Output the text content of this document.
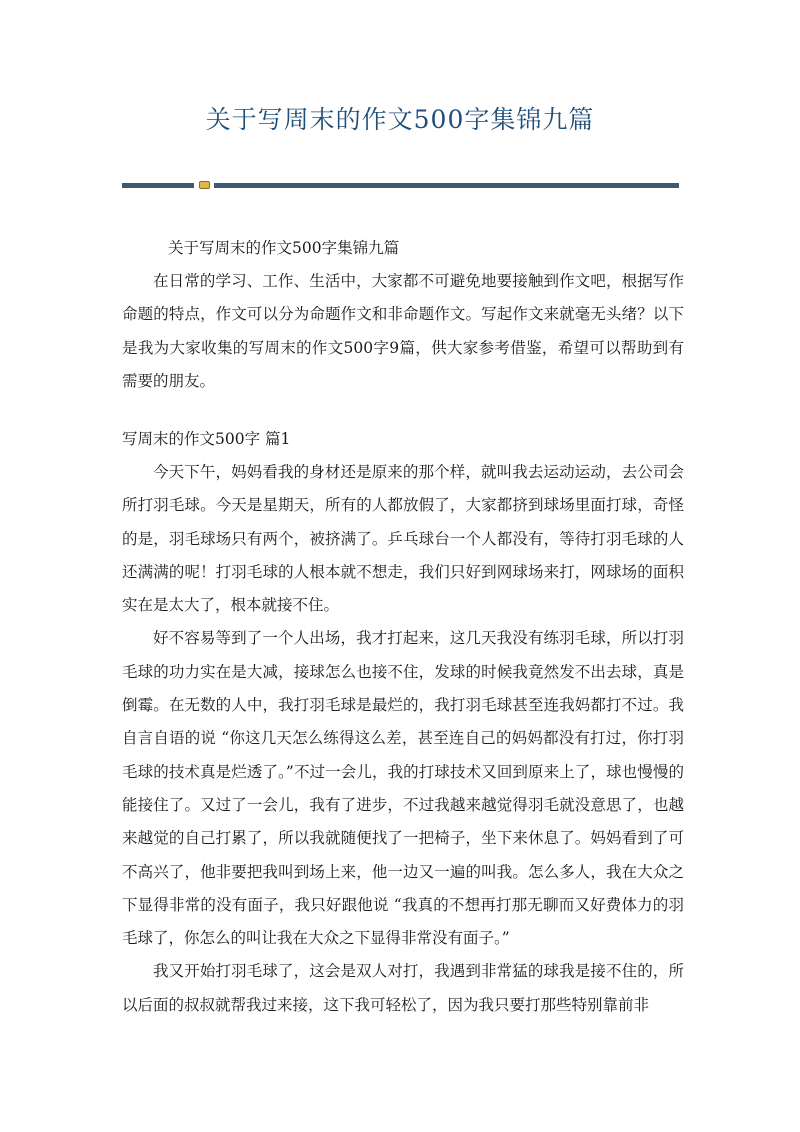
关于写周末的作文500字集锦九篇
关于写周末的作文500字集锦九篇

在日常的学习、工作、生活中，大家都不可避免地要接触到作文吧，根据写作命题的特点，作文可以分为命题作文和非命题作文。写起作文来就毫无头绪？以下是我为大家收集的写周末的作文500字9篇，供大家参考借鉴，希望可以帮助到有需要的朋友。

写周末的作文500字 篇1

今天下午，妈妈看我的身材还是原来的那个样，就叫我去运动运动，去公司会所打羽毛球。今天是星期天，所有的人都放假了，大家都挤到球场里面打球，奇怪的是，羽毛球场只有两个，被挤满了。乒乓球台一个人都没有，等待打羽毛球的人还满满的呢！打羽毛球的人根本就不想走，我们只好到网球场来打，网球场的面积实在是太大了，根本就接不住。

好不容易等到了一个人出场，我才打起来，这几天我没有练羽毛球，所以打羽毛球的功力实在是大减，接球怎么也接不住，发球的时候我竟然发不出去球，真是倒霉。在无数的人中，我打羽毛球是最烂的，我打羽毛球甚至连我妈都打不过。我自言自语的说 “你这几天怎么练得这么差，甚至连自己的妈妈都没有打过，你打羽毛球的技术真是烂透了。”不过一会儿，我的打球技术又回到原来上了，球也慢慢的能接住了。又过了一会儿，我有了进步，不过我越来越觉得羽毛就没意思了，也越来越觉的自己打累了，所以我就随便找了一把椅子，坐下来休息了。妈妈看到了可不高兴了，他非要把我叫到场上来，他一边又一遍的叫我。怎么多人，我在大众之下显得非常的没有面子，我只好跟他说 “我真的不想再打那无聊而又好费体力的羽毛球了，你怎么的叫让我在大众之下显得非常没有面子。”

我又开始打羽毛球了，这会是双人对打，我遇到非常猛的球我是接不住的，所以后面的叔叔就帮我过来接，这下我可轻松了，因为我只要打那些特别靠前非
